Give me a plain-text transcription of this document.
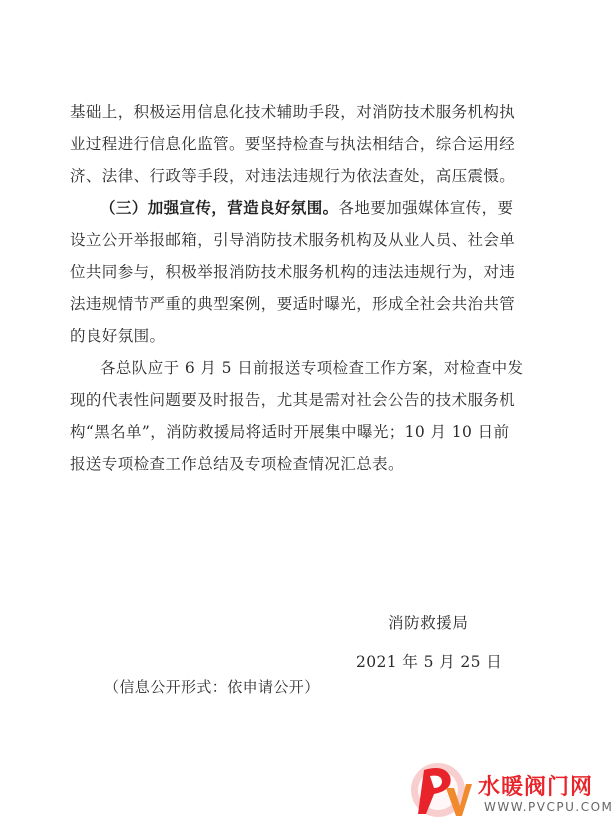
基础上，积极运用信息化技术辅助手段，对消防技术服务机构执
业过程进行信息化监管。要坚持检查与执法相结合，综合运用经
济、法律、行政等手段，对违法违规行为依法查处，高压震慑。

（三）加强宣传，营造良好氛围。各地要加强媒体宣传，要
设立公开举报邮箱，引导消防技术服务机构及从业人员、社会单
位共同参与，积极举报消防技术服务机构的违法违规行为，对违
法违规情节严重的典型案例，要适时曝光，形成全社会共治共管
的良好氛围。

各总队应于 6 月 5 日前报送专项检查工作方案，对检查中发
现的代表性问题要及时报告，尤其是需对社会公告的技术服务机
构“黑名单”，消防救援局将适时开展集中曝光；10 月 10 日前
报送专项检查工作总结及专项检查情况汇总表。

消防救援局
2021 年 5 月 25 日
（信息公开形式：依申请公开）
水暖阀门网
WWW.PVCPU.COM
